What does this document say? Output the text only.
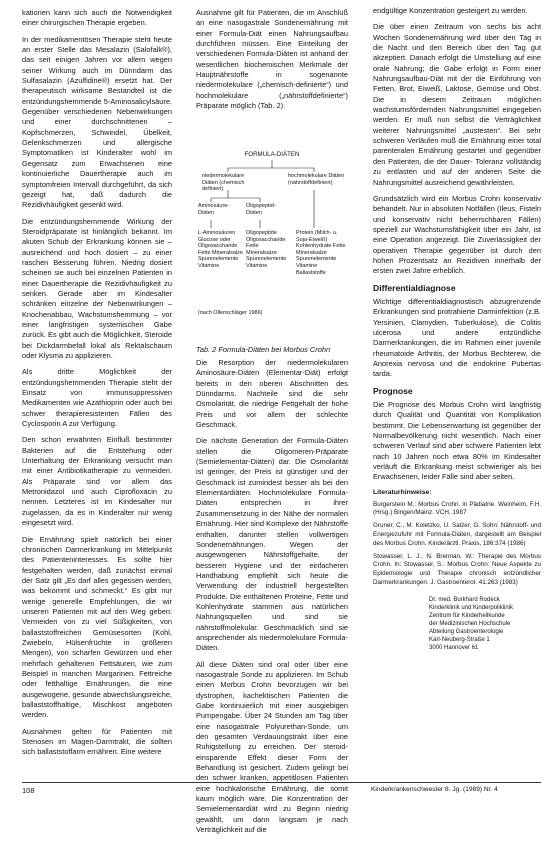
kationen kann sich auch die Notwendigkeit einer chirurgischen Therapie ergeben.

In der medikamentösen Therapie steht heute an erster Stelle das Mesalazin (Salofalk®), das seit einigen Jahren vor allem wegen seiner Wirkung auch im Dünndarm das Sulfasalazin (Azulfidine®) ersetzt hat. Der therapeutisch wirksame Bestandteil ist die entzündungshemmende 5-Aminosalicylsäure. Gegenüber verschiedenen Nebenwirkungen und einer durchschnittenen – Kopfschmerzen, Schwindel, Übelkeit, Gelenkschmerzen und allergische Symptomatiken ist Kinderalter wohl im Gegensatz zum Erwachsenen eine kontinuierliche Dauertherapie auch im symptomfreien Intervall durchgeführt, da sich gezeigt hat, daß dadurch die Rezidivhäufigkeit gesenkt wird.

Die entzündungshemmende Wirkung der Steroidpräparate ist hinlänglich bekannt. Im akuten Schub der Erkrankung können sie – ausreichend und hoch dosiert – zu einer raschen Besserung führen. Niedrig dosiert scheinen sie auch bei einzelnen Patienten in einer Dauertherapie die Rezidivhäufigkeit zu senken. Gerade aber im Kindesalter schränken einzelne der Nebenwirkungen – Knochenabbau, Wachstumshemmung – vor einer langfristigen systemischen Gabe zurück. Es gibt auch die Möglichkeit, Steroide bei Dickdarmbefall lokal als Rektalschaum oder Klysma zu applizieren.

Als dritte Möglichkeit der entzündungshemmenden Therapie steht der Einsatz von immunsuppressiven Medikamenten wie Azathioprin oder auch bei schwer therapieresistenten Fällen des Cyclosporin A zur Verfügung.

Den schon erwähnten Einfluß bestimmter Bakterien auf die Entstehung oder Unterhaltung der Erkrankung versucht man mit einer Antibiotikatherapie zu vermeiden. Als Präparate sind vor allem das Metronidazol und auch Ciprofloxacin zu nennen. Letzteres ist im Kindesalter nur zugelassen, da es in Kinderalter nur wenig eingesetzt wird.

Die Ernährung spielt natürlich bei einer chronischen Darmerkrankung im Mittelpunkt des Patienteninteresses. Es sollte hier festgehalten werden, daß zunächst einmal der Satz gilt „Es darf alles gegessen werden, was bekommt und schmeckt.“ Es gibt nur wenige generelle Empfehlungen, die wir unseren Patienten mit auf den Weg geben: Vermeiden von zu viel Süßigkeiten, von ballaststoffreichen Gemüsesorten (Kohl, Zwiebeln, Hülsenfrüchte in größeren Mengen), von scharfen Gewürzen und eher mehrfach gehaltenen Fettsäuren, wie zum Beispiel in manchen Margarinen. Fettreiche oder fetthaltige Ernährungen, die eine ausgewogene, gesunde abwechslungsreiche, ballaststoffhaltige, Mischkost angeboten werden.

Ausnahmen gelten für Patienten mit Stenosen im Magen-Darmtrakt, die sollten sich ballaststoffarm ernähren. Eine weitere

Ausnahme gilt für Patienten, die im Anschluß an eine nasogastrale Sondenernährung mit einer Formula-Diät einen Nahrungsaufbau durchführen müssen. Eine Einteilung der verschiedenen Formula-Diäten ist anhand der wesentlichen biochemischen Merkmale der Hauptnährstoffe in sogenannte niedermolekulare („chemisch-definierte“) und hochmolekulare („nährstoffdefinierte“) Präparate möglich (Tab. 2).

FORMULA-DIÄTEN
niedermolekulare Diäten (chemisch definiert)
hochmolekulare Diäten (nährstoffdefiniert)
Aminosäure-Diäten
Oligopeptid-Diäten
L-Aminosäuren Glucose oder Oligosaccharide Fette Mineralsalze Spurenelemente Vitamine
Oligopeptide Oligosaccharide Fette Mineralsalze Spurenelemente Vitamine
Protein (Milch- u. Soja-Eiweiß) Kohlenhydrate Fette Mineralsalze Spurenelemente Vitamine Ballaststoffe
(nach Ollenschläger 1986)
Tab. 2 Formula-Diäten bei Morbus Crohn

Die Resorption der niedermolekularen Aminosäure-Diäten (Elementar-Diät) erfolgt bereits in den oberen Abschnitten des Dünndarms. Nachteile sind die sehr Osmolarität, die niedrige Fettgehalt der hohe Preis und vor allem der schlechte Geschmack.

Die nächste Generation der Formula-Diäten stellen die Oligomeren-Präparate (Semielementar-Diäten) dar. Die Osmolarität ist geringer, der Preis ist günstiger und der Geschmack ist zumindest besser als bei den Elementardiäten. Hochmolekulare Formula-Diäten entsprechen in ihrer Zusammensetzung in der Nähe der normalen Ernährung. Hier sind Komplexe der Nährstoffe enthalten, darunter stellen vollwertigen Sondenernährungen. Wegen der ausgewogenen Nährstoffgehalte, der besseren Hygiene und der einfacheren Handhabung empfiehlt sich heute die Verwendung der industriell hergestellten Produkte. Die enthaltenen Proteine, Fette und Kohlenhydrate stammen aus natürlichen Nahrungsquellen und sind sie nährstoffmolekular. Geschmacklich sind sie ansprechender als niedermolekulare Formula-Diäten.

All diese Diäten sind oral oder über eine nasogastrale Sonde zu applizieren. Im Schub einen Morbus Crohn bevorzugen wir bei dystrophen, kachektischen Patienten die Gabe kontinuierlich mit einer ausgiebigen Pumpengabe. Über 24 Stunden am Tag über eine nasogastrale Polyurethan-Sonde, um den gesamten Verdauungstrakt über eine Ruhigstellung zu erreichen. Der steroid-einsparende Effekt dieser Form der Behandlung ist gesichert. Zudem gelingt bei den schwer kranken, appetitlosen Patienten eine hochkalorische Ernährung, die somit kaum möglich wäre. Die Konzentration der Semielementardiät wird zu Beginn niedrig gewählt, um dann langsam je nach Verträglichkeit auf die

endgültige Konzentration gesteigert zu werden.

Die über einen Zeitraum von sechs bis acht Wochen Sondenernährung wird über den Tag in die Nacht und den Bereich über den Tag gut akzeptiert. Danach erfolgt die Umstellung auf eine orale Nahrung; die Gabe erfolgt in Form einer Nahrungsaufbau-Diät mit der die Einführung von Fetten, Brot, Eiweiß, Laktose, Gemüse und Obst. Die in diesem Zeitraum möglichen wachstumsfördernden Nahrungsmittel eingegeben werden. Er muß nun selbst die Verträglichkeit weiterer Nahrungsmittel „austesten“. Bei sehr schweren Verläufen muß die Ernährung einer total parenteralen Ernährung gestartet und gegenüber den Patienten, die der Dauer- Toleranz vollständig zu entlasten und auf der anderen Seite die Nahrungsmittel ausreichend gewährleisten.

Grundsätzlich wird ein Morbus Crohn konservativ behandelt. Nur in absoluten Notfällen (Ileus, Fisteln und konservativ nicht beherrschbaren Fällen) speziell zur Wachstumsfähigkeit über ein Jahr, ist eine Operation angezeigt. Die Zuverlässigkeit der operativen Therapie gegenüber ist durch den hohen Prozentsatz an Rezidiven innerhalb der ersten zwei Jahre erheblich.

Differentialdiagnose

Wichtige differentialdiagnostisch abzugrenzende Erkrankungen sind protrahierte Darminfektion (z.B. Yersinien, Clamydien, Tuberkulose), die Colitis ulcerosa und andere entzündliche Darmerkrankungen, die im Rahmen einer juvenile rheumatoide Arthritis, der Morbus Bechterew, die Anorexia nervosa und die endokrine Pubertas tarda.

Prognose

Die Prognose des Morbus Crohn wird langfristig durch Qualität und Quantität von Komplikation bestimmt. Die Lebenserwartung ist gegenüber der Normalbevölkerung nicht wesentlich. Nach einer schweren Verlauf sind aber schwere Patienten lebt nach 10 Jahren noch etwa 80% im Kindesalter verläuft die Erkrankung meist schwieriger als bei Erwachsenen, leider Fälle sind aber selten.

Literaturhinweise:

Burgerstein M.: Morbus Crohn. in Pädiatrie. Weinheim, F.H. (Hrsg.) Bingen/Mainz. VCH, 1987

Gruner, C., M. Koletzko, U. Salzer, G. Sohn: Nährstoff- und Energiezufuhr mit Formula-Diäten, dargestellt am Beispiel des Morbus Crohn. Kinderärztl. Praxis, 186:374 (1986)

Stowasser, L. J., N. Brennan, W.: Therapie des Morbus Crohn. In: Stowasser, S.: Morbus Crohn: Neue Aspekte zu Epidemiologie und Therapie chronisch entzündlicher Darmerkrankungen. J. Gastroenterol. 41:263 (1983)

Dr. med. Burkhard Rodeck
Kinderklinik und Kinderpoliklinik
Zentrum für Kinderheilkunde
der Medizinischen Hochschule
Abteilung Gastroenterologie
Karl-Neuberg-Straße 1
3000 Hannover 61
108	Kinderkrankenschwester 8. Jg. (1989) Nr. 4
